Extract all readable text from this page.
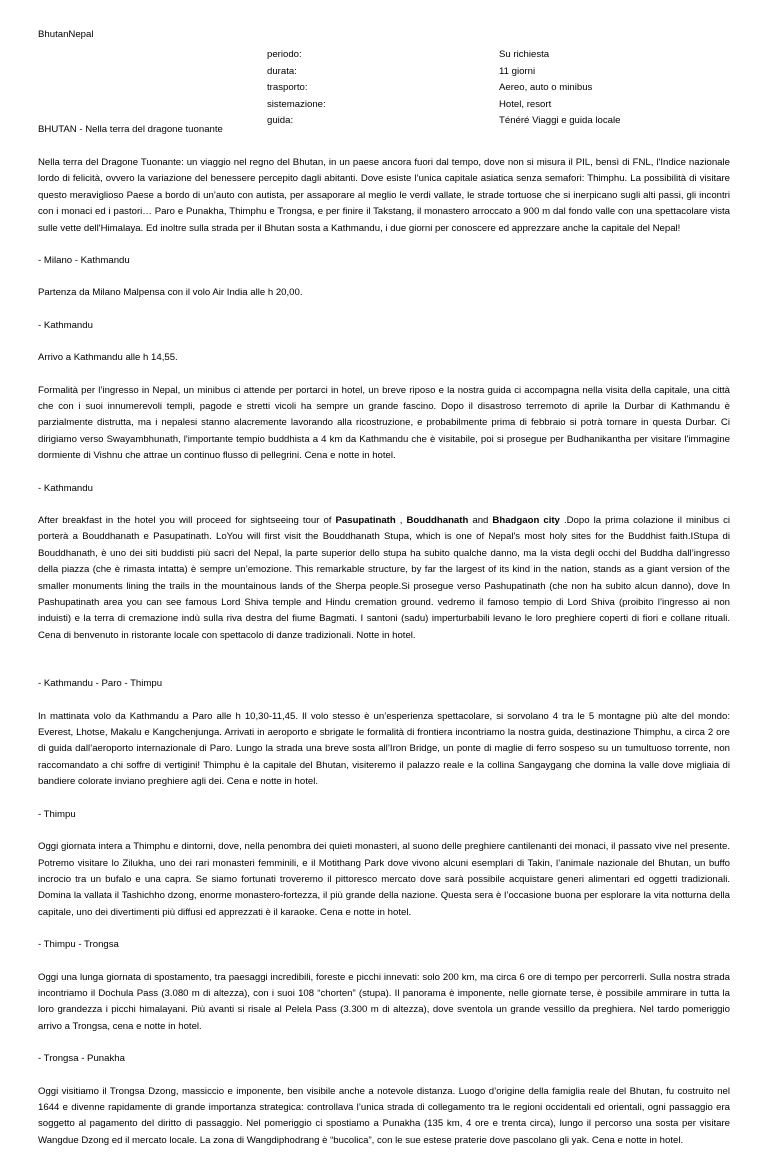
BhutanNepal
periodo:	Su richiesta
durata:	11 giorni
trasporto:	Aereo, auto o minibus
sistemazione:	Hotel, resort
guida:	Ténéré Viaggi e guida locale

BHUTAN - Nella terra del dragone tuonante

Nella terra del Dragone Tuonante: un viaggio nel regno del Bhutan, in un paese ancora fuori dal tempo, dove non si misura il PIL, bensì di FNL, l'Indice nazionale lordo di felicità, ovvero la variazione del benessere percepito dagli abitanti. Dove esiste l’unica capitale asiatica senza semafori: Thimphu. La possibilità di visitare questo meraviglioso Paese a bordo di un’auto con autista, per assaporare al meglio le verdi vallate, le strade tortuose che si inerpicano sugli alti passi, gli incontri con i monaci ed i pastori… Paro e Punakha, Thimphu e Trongsa, e per finire il Takstang, il monastero arroccato a 900 m dal fondo valle con una spettacolare vista sulle vette dell'Himalaya. Ed inoltre sulla strada per il Bhutan sosta a Kathmandu, i due giorni per conoscere ed apprezzare anche la capitale del Nepal!

- Milano - Kathmandu

Partenza da Milano Malpensa con il volo Air India alle h 20,00.

- Kathmandu

Arrivo a Kathmandu alle h 14,55.

Formalità per l’ingresso in Nepal, un minibus ci attende per portarci in hotel, un breve riposo e la nostra guida ci accompagna nella visita della capitale, una città che con i suoi innumerevoli templi, pagode e stretti vicoli ha sempre un grande fascino. Dopo il disastroso terremoto di aprile la Durbar di Kathmandu è parzialmente distrutta, ma i nepalesi stanno alacremente lavorando alla ricostruzione, e probabilmente prima di febbraio si potrà tornare in questa Durbar. Ci dirigiamo verso Swayambhunath, l'importante tempio buddhista a 4 km da Kathmandu che è visitabile, poi si prosegue per Budhanikantha per visitare l'immagine dormiente di Vishnu che attrae un continuo flusso di pellegrini. Cena e notte in hotel.

- Kathmandu

After breakfast in the hotel you will proceed for sightseeing tour of Pasupatinath , Bouddhanath and Bhadgaon city .Dopo la prima colazione il minibus ci porterà a Bouddhanath e Pasupatinath. LoYou will first visit the Bouddhanath Stupa, which is one of Nepal's most holy sites for the Buddhist faith.IStupa di Bouddhanath, è uno dei siti buddisti più sacri del Nepal, la parte superior dello stupa ha subito qualche danno, ma la vista degli occhi del Buddha dall’ingresso della piazza (che è rimasta intatta) è sempre un’emozione. This remarkable structure, by far the largest of its kind in the nation, stands as a giant version of the smaller monuments lining the trails in the mountainous lands of the Sherpa people.Si prosegue verso Pashupatinath (che non ha subito alcun danno), dove In Pashupatinath area you can see famous Lord Shiva temple and Hindu cremation ground. vedremo il famoso tempio di Lord Shiva (proibito l’ingresso ai non induisti) e la terra di cremazione indù sulla riva destra del fiume Bagmati. I santoni (sadu) imperturbabili levano le loro preghiere coperti di fiori e collane rituali. Cena di benvenuto in ristorante locale con spettacolo di danze tradizionali. Notte in hotel.

- Kathmandu - Paro - Thimpu

In mattinata volo da Kathmandu a Paro alle h 10,30-11,45. Il volo stesso è un’esperienza spettacolare, si sorvolano 4 tra le 5 montagne più alte del mondo: Everest, Lhotse, Makalu e Kangchenjunga. Arrivati in aeroporto e sbrigate le formalità di frontiera incontriamo la nostra guida, destinazione Thimphu, a circa 2 ore di guida dall’aeroporto internazionale di Paro. Lungo la strada una breve sosta all’Iron Bridge, un ponte di maglie di ferro sospeso su un tumultuoso torrente, non raccomandato a chi soffre di vertigini! Thimphu è la capitale del Bhutan, visiteremo il palazzo reale e la collina Sangaygang che domina la valle dove migliaia di bandiere colorate inviano preghiere agli dei. Cena e notte in hotel.

- Thimpu

Oggi giornata intera a Thimphu e dintorni, dove, nella penombra dei quieti monasteri, al suono delle preghiere cantilenanti dei monaci, il passato vive nel presente. Potremo visitare lo Zilukha, uno dei rari monasteri femminili, e il Motithang Park dove vivono alcuni esemplari di Takin, l’animale nazionale del Bhutan, un buffo incrocio tra un bufalo e una capra. Se siamo fortunati troveremo il pittoresco mercato dove sarà possibile acquistare generi alimentari ed oggetti tradizionali. Domina la vallata il Tashichho dzong, enorme monastero-fortezza, il più grande della nazione. Questa sera è l’occasione buona per esplorare la vita notturna della capitale, uno dei divertimenti più diffusi ed apprezzati è il karaoke. Cena e notte in hotel.

- Thimpu - Trongsa

Oggi una lunga giornata di spostamento, tra paesaggi incredibili, foreste e picchi innevati: solo 200 km, ma circa 6 ore di tempo per percorrerli. Sulla nostra strada incontriamo il Dochula Pass (3.080 m di altezza), con i suoi 108 “chorten” (stupa). Il panorama è imponente, nelle giornate terse, è possibile ammirare in tutta la loro grandezza i picchi himalayani. Più avanti si risale al Pelela Pass (3.300 m di altezza), dove sventola un grande vessillo da preghiera. Nel tardo pomeriggio arrivo a Trongsa, cena e notte in hotel.

- Trongsa - Punakha

Oggi visitiamo il Trongsa Dzong, massiccio e imponente, ben visibile anche a notevole distanza. Luogo d’origine della famiglia reale del Bhutan, fu costruito nel 1644 e divenne rapidamente di grande importanza strategica: controllava l’unica strada di collegamento tra le regioni occidentali ed orientali, ogni passaggio era soggetto al pagamento del diritto di passaggio. Nel pomeriggio ci spostiamo a Punakha (135 km, 4 ore e trenta circa), lungo il percorso una sosta per visitare Wangdue Dzong ed il mercato locale. La zona di Wangdiphodrang è “bucolica”, con le sue estese praterie dove pascolano gli yak. Cena e notte in hotel.
